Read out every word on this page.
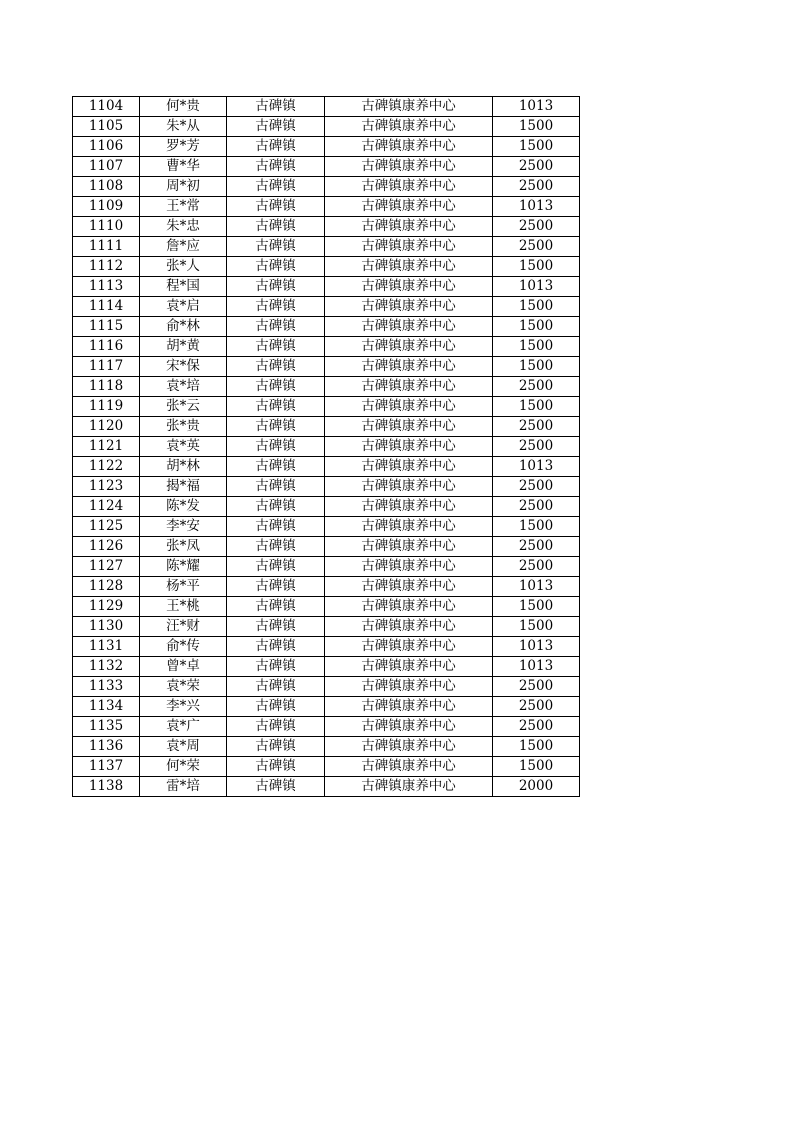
1104	何*贵	古碑镇	古碑镇康养中心	1013
1105	朱*从	古碑镇	古碑镇康养中心	1500
1106	罗*芳	古碑镇	古碑镇康养中心	1500
1107	曹*华	古碑镇	古碑镇康养中心	2500
1108	周*初	古碑镇	古碑镇康养中心	2500
1109	王*常	古碑镇	古碑镇康养中心	1013
1110	朱*忠	古碑镇	古碑镇康养中心	2500
1111	詹*应	古碑镇	古碑镇康养中心	2500
1112	张*人	古碑镇	古碑镇康养中心	1500
1113	程*国	古碑镇	古碑镇康养中心	1013
1114	袁*启	古碑镇	古碑镇康养中心	1500
1115	俞*林	古碑镇	古碑镇康养中心	1500
1116	胡*黄	古碑镇	古碑镇康养中心	1500
1117	宋*保	古碑镇	古碑镇康养中心	1500
1118	袁*培	古碑镇	古碑镇康养中心	2500
1119	张*云	古碑镇	古碑镇康养中心	1500
1120	张*贵	古碑镇	古碑镇康养中心	2500
1121	袁*英	古碑镇	古碑镇康养中心	2500
1122	胡*林	古碑镇	古碑镇康养中心	1013
1123	揭*福	古碑镇	古碑镇康养中心	2500
1124	陈*发	古碑镇	古碑镇康养中心	2500
1125	李*安	古碑镇	古碑镇康养中心	1500
1126	张*凤	古碑镇	古碑镇康养中心	2500
1127	陈*耀	古碑镇	古碑镇康养中心	2500
1128	杨*平	古碑镇	古碑镇康养中心	1013
1129	王*桃	古碑镇	古碑镇康养中心	1500
1130	汪*财	古碑镇	古碑镇康养中心	1500
1131	俞*传	古碑镇	古碑镇康养中心	1013
1132	曾*卓	古碑镇	古碑镇康养中心	1013
1133	袁*荣	古碑镇	古碑镇康养中心	2500
1134	李*兴	古碑镇	古碑镇康养中心	2500
1135	袁*广	古碑镇	古碑镇康养中心	2500
1136	袁*周	古碑镇	古碑镇康养中心	1500
1137	何*荣	古碑镇	古碑镇康养中心	1500
1138	雷*培	古碑镇	古碑镇康养中心	2000
